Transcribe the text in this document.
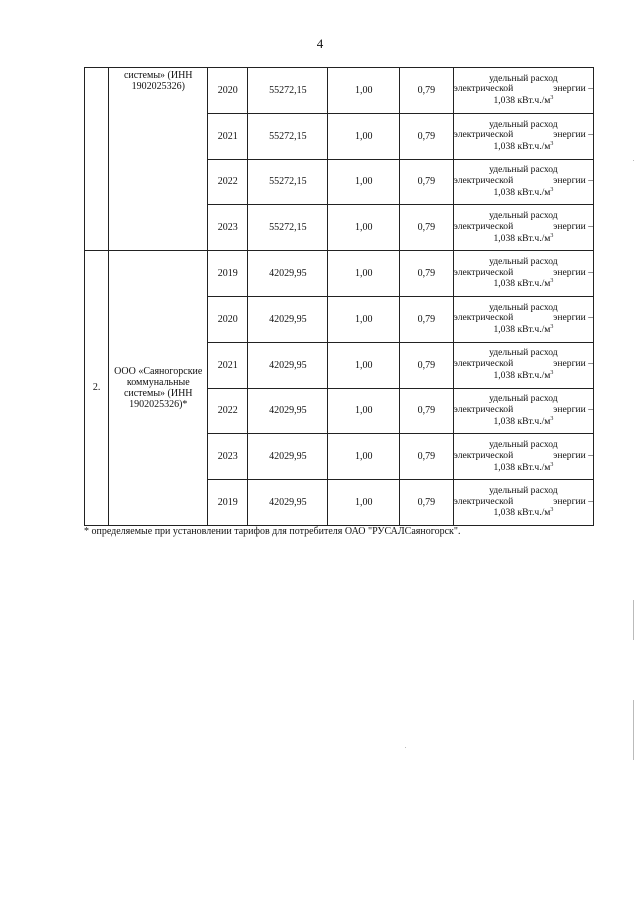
4
	системы» (ИНН 1902025326)	2020	55272,15	1,00	0,79	удельный расход
электрической энергии –
1,038 $кВт.ч./м^3$

		2021	55272,15	1,00	0,79	удельный расход
электрической энергии –
1,038 $кВт.ч./м^3$

		2022	55272,15	1,00	0,79	удельный расход
электрической энергии –
1,038 $кВт.ч./м^3$

		2023	55272,15	1,00	0,79	удельный расход
электрической энергии –
1,038 $кВт.ч./м^3$

2.	ООО «Саяногорские коммунальные системы» (ИНН 1902025326)*	2019	42029,95	1,00	0,79	удельный расход
электрической энергии –
1,038 $кВт.ч./м^3$

		2020	42029,95	1,00	0,79	удельный расход
электрической энергии –
1,038 $кВт.ч./м^3$

		2021	42029,95	1,00	0,79	удельный расход
электрической энергии –
1,038 $кВт.ч./м^3$

		2022	42029,95	1,00	0,79	удельный расход
электрической энергии –
1,038 $кВт.ч./м^3$

		2023	42029,95	1,00	0,79	удельный расход
электрической энергии –
1,038 $кВт.ч./м^3$

		2019	42029,95	1,00	0,79	удельный расход
электрической энергии –
1,038 $кВт.ч./м^3$
* определяемые при установлении тарифов для потребителя ОАО "РУСАЛСаяногорск".
